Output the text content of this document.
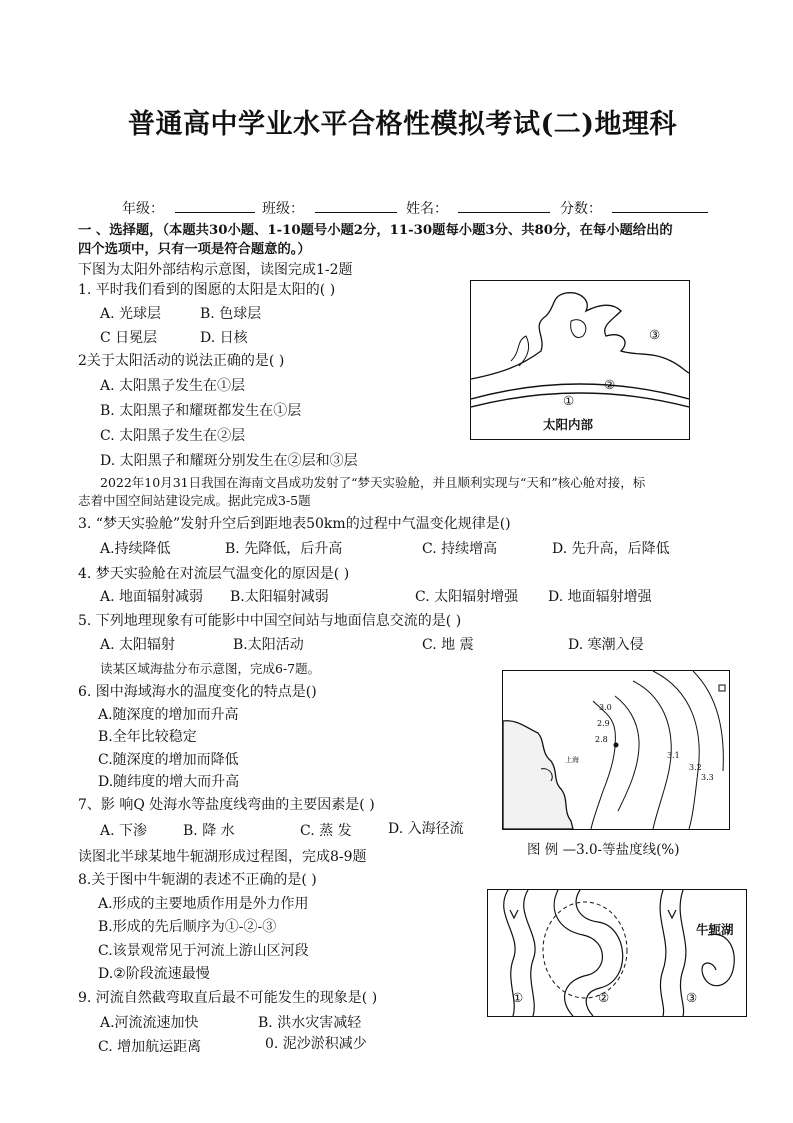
普通高中学业水平合格性模拟考试(二)地理科
年级：	班级：	姓名：	分数：
一 、选择题，（本题共30小题、1-10题号小题2分，11-30题每小题3分、共80分，在每小题给出的
四个选项中，只有一项是符合题意的。）
下图为太阳外部结构示意图，读图完成1-2题
1. 平时我们看到的图愿的太阳是太阳的( )
A. 光球层	B. 色球层
C 日冕层	D. 日核
2关于太阳活动的说法正确的是( )
A. 太阳黑子发生在①层
B. 太阳黑子和耀斑都发生在①层
C. 太阳黑子发生在②层
D. 太阳黑子和耀斑分别发生在②层和③层
③
②
①
太阳内部
2022年10月31日我国在海南文昌成功发射了“梦天实验舱，并且顺利实现与“天和”核心舱对接，标
志着中国空间站建设完成。据此完成3-5题
3. “梦天实验舱”发射升空后到距地表50km的过程中气温变化规律是()
A.持续降低	B. 先降低，后升高	C. 持续增高	D. 先升高，后降低
4. 梦天实验舱在对流层气温变化的原因是( )
A. 地面辐射减弱 B.太阳辐射减弱	C. 太阳辐射增强 D. 地面辐射增强
5. 下列地理现象有可能影中中国空间站与地面信息交流的是( )
A. 太阳辐射	B.太阳活动	C. 地 震	D. 寒潮入侵
读某区域海盐分布示意图，完成6-7题。
6. 图中海域海水的温度变化的特点是()
A.随深度的增加而升高
B.全年比较稳定
C.随深度的增加而降低
D.随纬度的增大而升高
7、影 响Q 处海水等盐度线弯曲的主要因素是( )
A. 下渗	B. 降 水	C. 蒸 发	D. 入海径流
3.0
2.9
2.8
3.1
3.2
3.3
上海
图 例 —3.0-等盐度线(%)
读图北半球某地牛轭湖形成过程图，完成8-9题
8.关于图中牛轭湖的表述不正确的是( )
A.形成的主要地质作用是外力作用
B.形成的先后顺序为①-②-③
C.该景观常见于河流上游山区河段
D.②阶段流速最慢
9. 河流自然截弯取直后最不可能发生的现象是( )
A.河流流速加快	B. 洪水灾害减轻
C. 增加航运距离	0. 泥沙淤积减少
牛轭湖
①	②	③
